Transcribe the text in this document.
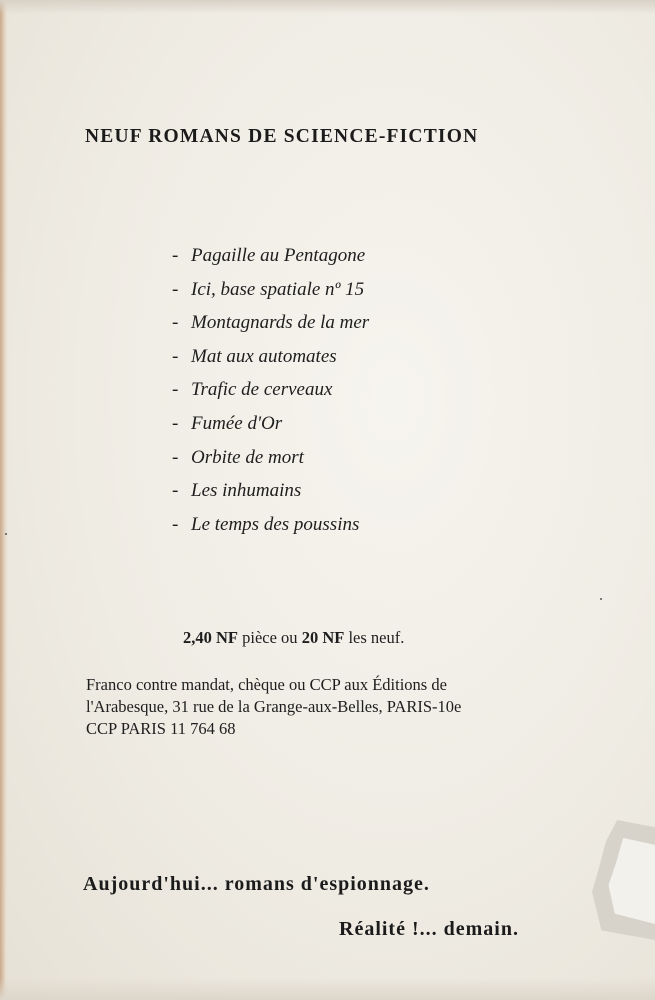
NEUF ROMANS DE SCIENCE-FICTION
- Pagaille au Pentagone
- Ici, base spatiale nº 15
- Montagnards de la mer
- Mat aux automates
- Trafic de cerveaux
- Fumée d'Or
- Orbite de mort
- Les inhumains
- Le temps des poussins
2,40 NF pièce ou 20 NF les neuf.
Franco contre mandat, chèque ou CCP aux Éditions de
l'Arabesque, 31 rue de la Grange-aux-Belles, PARIS-10e
CCP PARIS 11 764 68
Aujourd'hui... romans d'espionnage.
Réalité !... demain.
